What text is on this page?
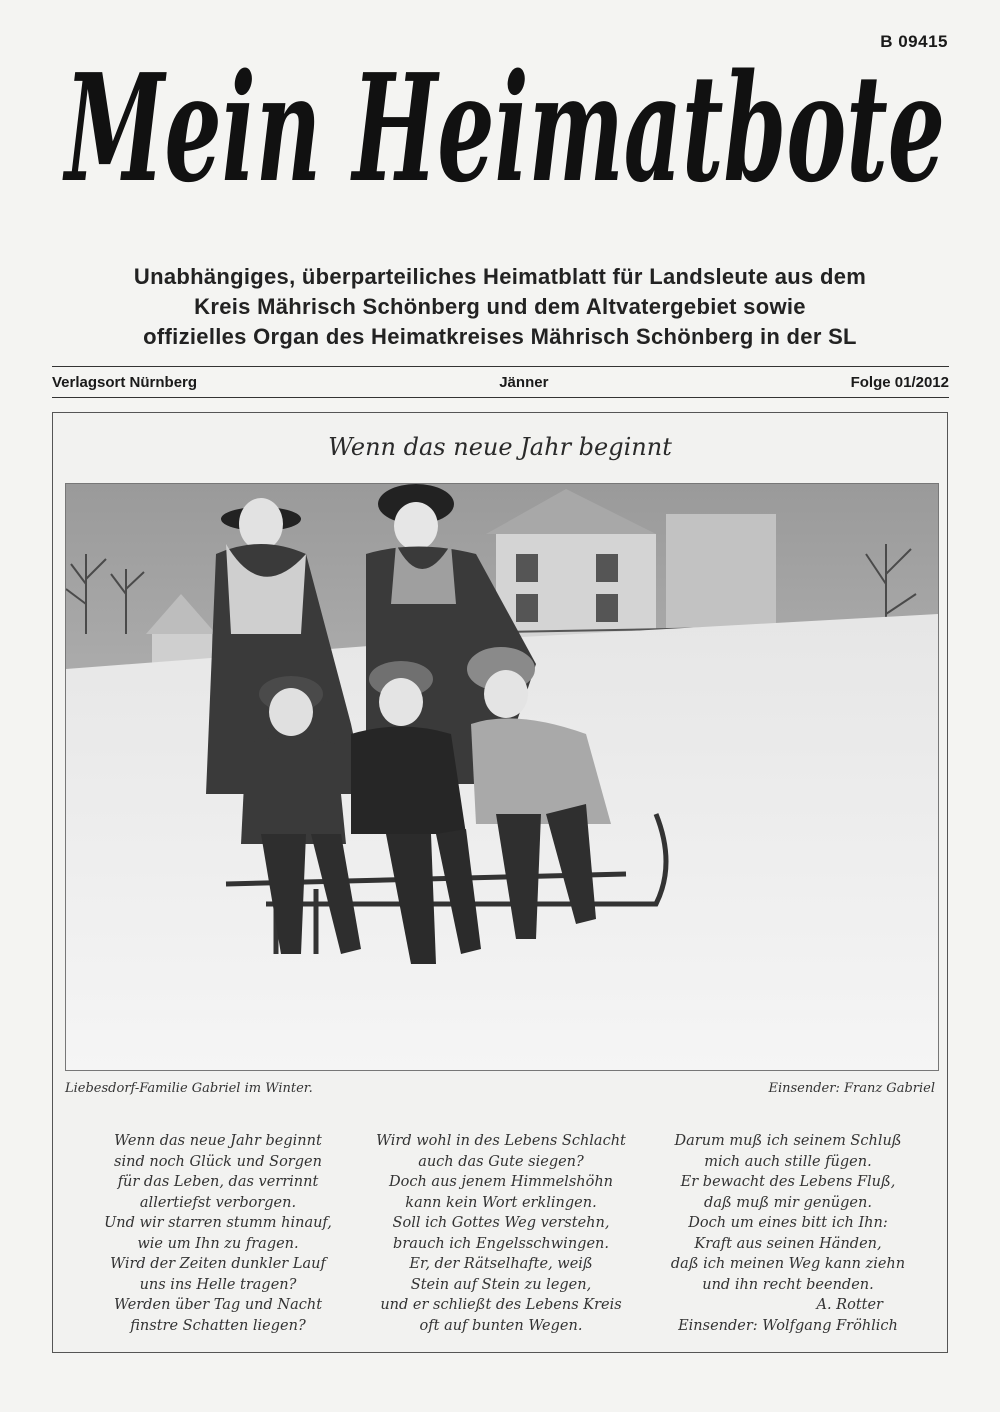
B 09415
Mein Heimatbote
Unabhängiges, überparteiliches Heimatblatt für Landsleute aus dem
Kreis Mährisch Schönberg und dem Altvatergebiet sowie
offizielles Organ des Heimatkreises Mährisch Schönberg in der SL
Verlagsort Nürnberg	Jänner	Folge 01/2012
Wenn das neue Jahr beginnt
Liebesdorf-Familie Gabriel im Winter.	Einsender: Franz Gabriel
Wenn das neue Jahr beginnt
sind noch Glück und Sorgen
für das Leben, das verrinnt
allertiefst verborgen.
Und wir starren stumm hinauf,
wie um Ihn zu fragen.
Wird der Zeiten dunkler Lauf
uns ins Helle tragen?
Werden über Tag und Nacht
finstre Schatten liegen?
Wird wohl in des Lebens Schlacht
auch das Gute siegen?
Doch aus jenem Himmelshöhn
kann kein Wort erklingen.
Soll ich Gottes Weg verstehn,
brauch ich Engelsschwingen.
Er, der Rätselhafte, weiß
Stein auf Stein zu legen,
und er schließt des Lebens Kreis
oft auf bunten Wegen.
Darum muß ich seinem Schluß
mich auch stille fügen.
Er bewacht des Lebens Fluß,
daß muß mir genügen.
Doch um eines bitt ich Ihn:
Kraft aus seinen Händen,
daß ich meinen Weg kann ziehn
und ihn recht beenden.
A. Rotter
Einsender: Wolfgang Fröhlich
